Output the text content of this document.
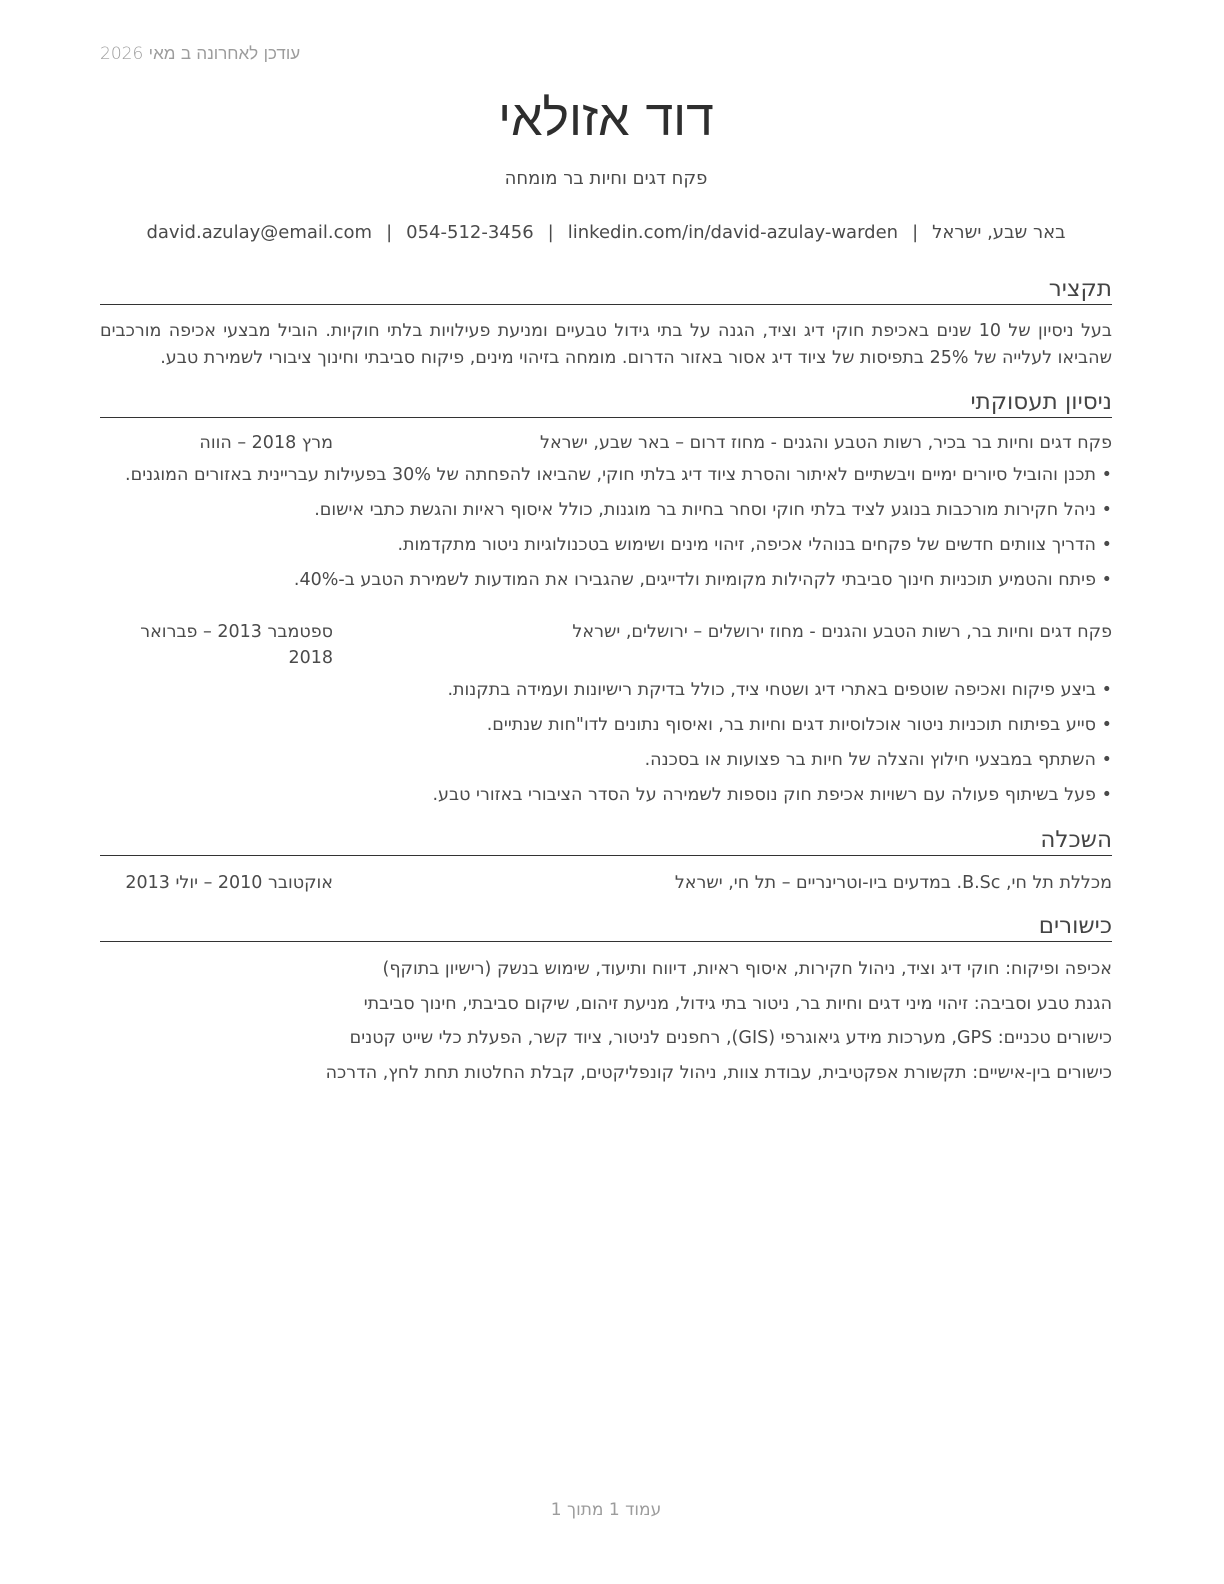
עודכן לאחרונה ב מאי 2026
דוד אזולאי
פקח דגים וחיות בר מומחה
באר שבע, ישראל|david.azulay@email.com | 054-512-3456 | linkedin.com/in/david-azulay-warden
תקציר
בעל ניסיון של 10 שנים באכיפת חוקי דיג וציד, הגנה על בתי גידול טבעיים ומניעת פעילויות בלתי חוקיות. הוביל מבצעי אכיפה מורכבים שהביאו לעלייה של 25% בתפיסות של ציוד דיג אסור באזור הדרום. מומחה בזיהוי מינים, פיקוח סביבתי וחינוך ציבורי לשמירת טבע.
ניסיון תעסוקתי
פקח דגים וחיות בר בכיר, רשות הטבע והגנים - מחוז דרום – באר שבע, ישראל
מרץ 2018 – הווה
• תכנן והוביל סיורים ימיים ויבשתיים לאיתור והסרת ציוד דיג בלתי חוקי, שהביאו להפחתה של 30% בפעילות עבריינית באזורים המוגנים.
• ניהל חקירות מורכבות בנוגע לציד בלתי חוקי וסחר בחיות בר מוגנות, כולל איסוף ראיות והגשת כתבי אישום.
• הדריך צוותים חדשים של פקחים בנוהלי אכיפה, זיהוי מינים ושימוש בטכנולוגיות ניטור מתקדמות.
• פיתח והטמיע תוכניות חינוך סביבתי לקהילות מקומיות ולדייגים, שהגבירו את המודעות לשמירת הטבע ב-40%.
פקח דגים וחיות בר, רשות הטבע והגנים - מחוז ירושלים – ירושלים, ישראל
ספטמבר 2013 – פברואר 2018
• ביצע פיקוח ואכיפה שוטפים באתרי דיג ושטחי ציד, כולל בדיקת רישיונות ועמידה בתקנות.
• סייע בפיתוח תוכניות ניטור אוכלוסיות דגים וחיות בר, ואיסוף נתונים לדו"חות שנתיים.
• השתתף במבצעי חילוץ והצלה של חיות בר פצועות או בסכנה.
• פעל בשיתוף פעולה עם רשויות אכיפת חוק נוספות לשמירה על הסדר הציבורי באזורי טבע.
השכלה
מכללת תל חי, B.Sc. במדעים ביו-וטרינריים – תל חי, ישראל
אוקטובר 2010 – יולי 2013
כישורים
אכיפה ופיקוח: חוקי דיג וציד, ניהול חקירות, איסוף ראיות, דיווח ותיעוד, שימוש בנשק (רישיון בתוקף)
הגנת טבע וסביבה: זיהוי מיני דגים וחיות בר, ניטור בתי גידול, מניעת זיהום, שיקום סביבתי, חינוך סביבתי
כישורים טכניים: GPS, מערכות מידע גיאוגרפי (GIS), רחפנים לניטור, ציוד קשר, הפעלת כלי שייט קטנים
כישורים בין-אישיים: תקשורת אפקטיבית, עבודת צוות, ניהול קונפליקטים, קבלת החלטות תחת לחץ, הדרכה
עמוד 1 מתוך 1
